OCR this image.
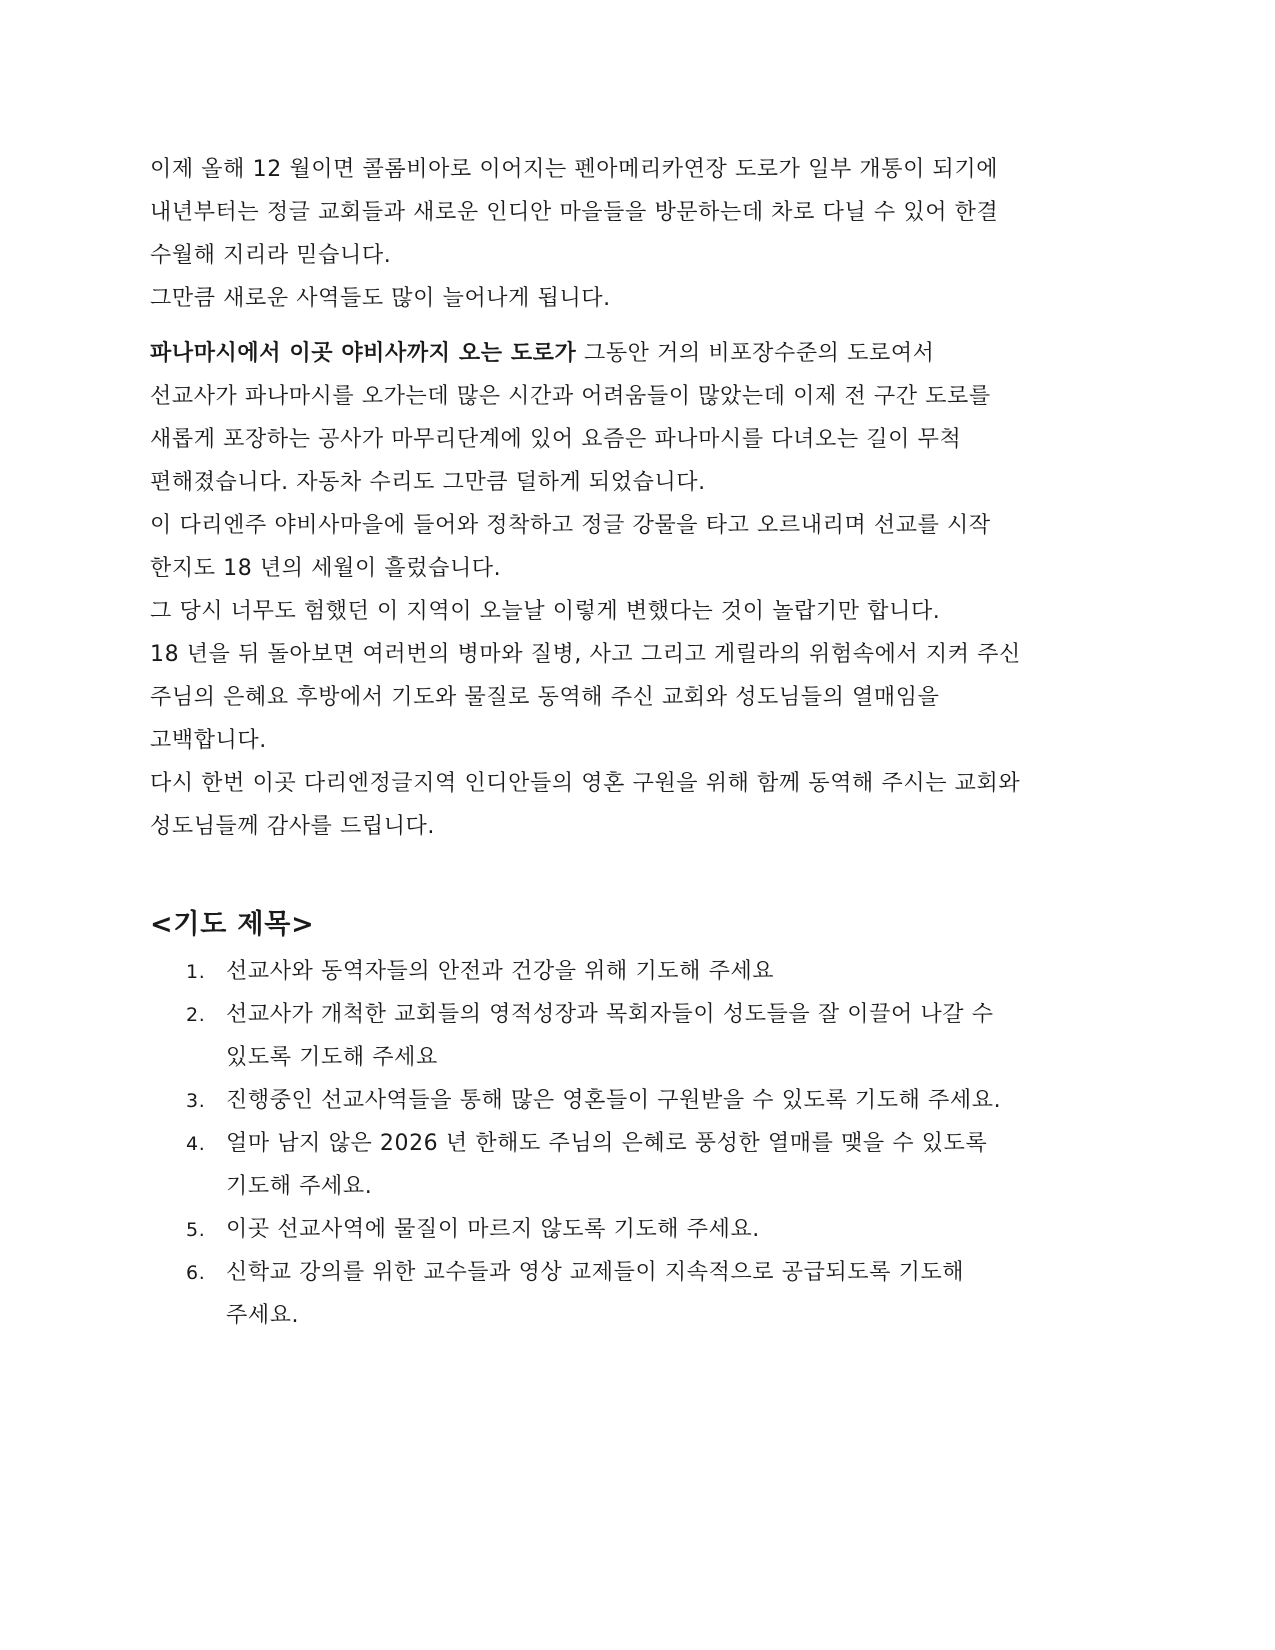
이제 올해 12 월이면 콜롬비아로 이어지는 펜아메리카연장 도로가 일부 개통이 되기에

내년부터는 정글 교회들과 새로운 인디안 마을들을 방문하는데 차로 다닐 수 있어 한결

수월해 지리라 믿습니다.

그만큼 새로운 사역들도 많이 늘어나게 됩니다.

파나마시에서 이곳 야비사까지 오는 도로가 그동안 거의 비포장수준의 도로여서

선교사가 파나마시를 오가는데 많은 시간과 어려움들이 많았는데 이제 전 구간 도로를

새롭게 포장하는 공사가 마무리단계에 있어 요즘은 파나마시를 다녀오는 길이 무척

편해졌습니다. 자동차 수리도 그만큼 덜하게 되었습니다.

이 다리엔주 야비사마을에 들어와 정착하고 정글 강물을 타고 오르내리며 선교를 시작

한지도 18 년의 세월이 흘렀습니다.

그 당시 너무도 험했던 이 지역이 오늘날 이렇게 변했다는 것이 놀랍기만 합니다.

18 년을 뒤 돌아보면 여러번의 병마와 질병, 사고 그리고 게릴라의 위험속에서 지켜 주신

주님의 은혜요 후방에서 기도와 물질로 동역해 주신 교회와 성도님들의 열매임을

고백합니다.

다시 한번 이곳 다리엔정글지역 인디안들의 영혼 구원을 위해 함께 동역해 주시는 교회와

성도님들께 감사를 드립니다.

<기도 제목>
1. 선교사와 동역자들의 안전과 건강을 위해 기도해 주세요
2. 선교사가 개척한 교회들의 영적성장과 목회자들이 성도들을 잘 이끌어 나갈 수
있도록 기도해 주세요
3. 진행중인 선교사역들을 통해 많은 영혼들이 구원받을 수 있도록 기도해 주세요.
4. 얼마 남지 않은 2026 년 한해도 주님의 은혜로 풍성한 열매를 맺을 수 있도록
기도해 주세요.
5. 이곳 선교사역에 물질이 마르지 않도록 기도해 주세요.
6. 신학교 강의를 위한 교수들과 영상 교제들이 지속적으로 공급되도록 기도해
주세요.
